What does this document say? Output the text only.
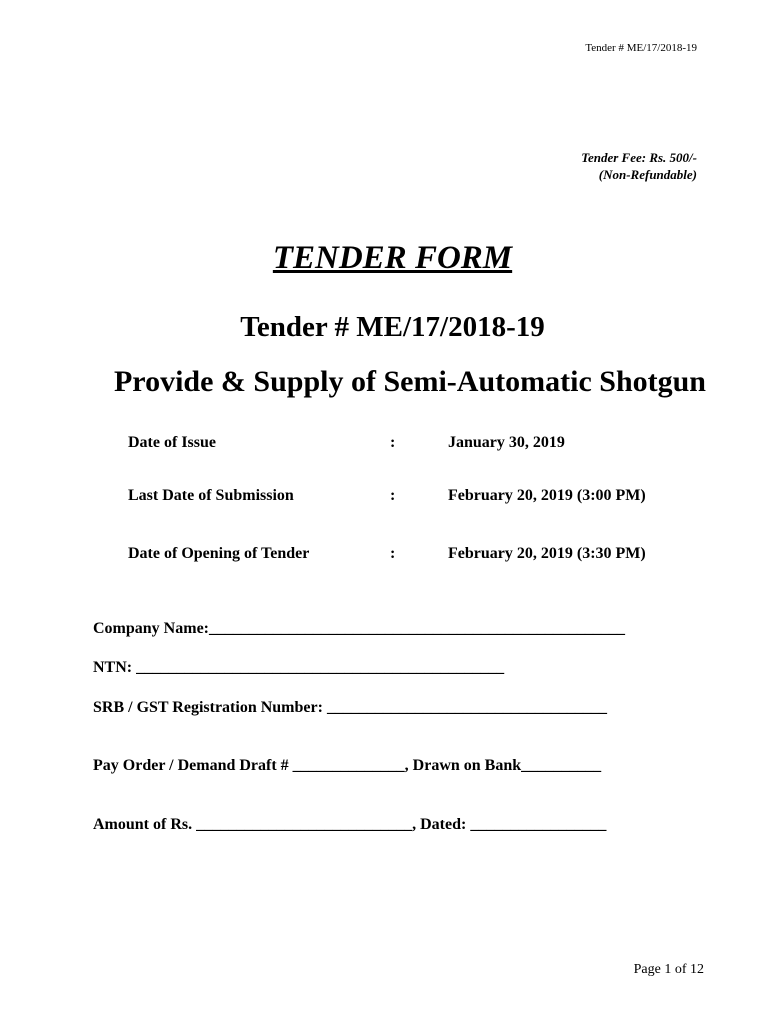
Tender # ME/17/2018-19
Tender Fee: Rs. 500/-
(Non-Refundable)
TENDER FORM
Tender # ME/17/2018-19
Provide & Supply of Semi-Automatic Shotgun
Date of Issue	:	January 30, 2019
Last Date of Submission	:	February 20, 2019 (3:00 PM)
Date of Opening of Tender	:	February 20, 2019 (3:30 PM)
Company Name:____________________________________________________
NTN: ______________________________________________
SRB / GST Registration Number: ___________________________________
Pay Order / Demand Draft # ______________, Drawn on Bank__________
Amount of Rs. ___________________________, Dated: _________________
Page 1 of 12
